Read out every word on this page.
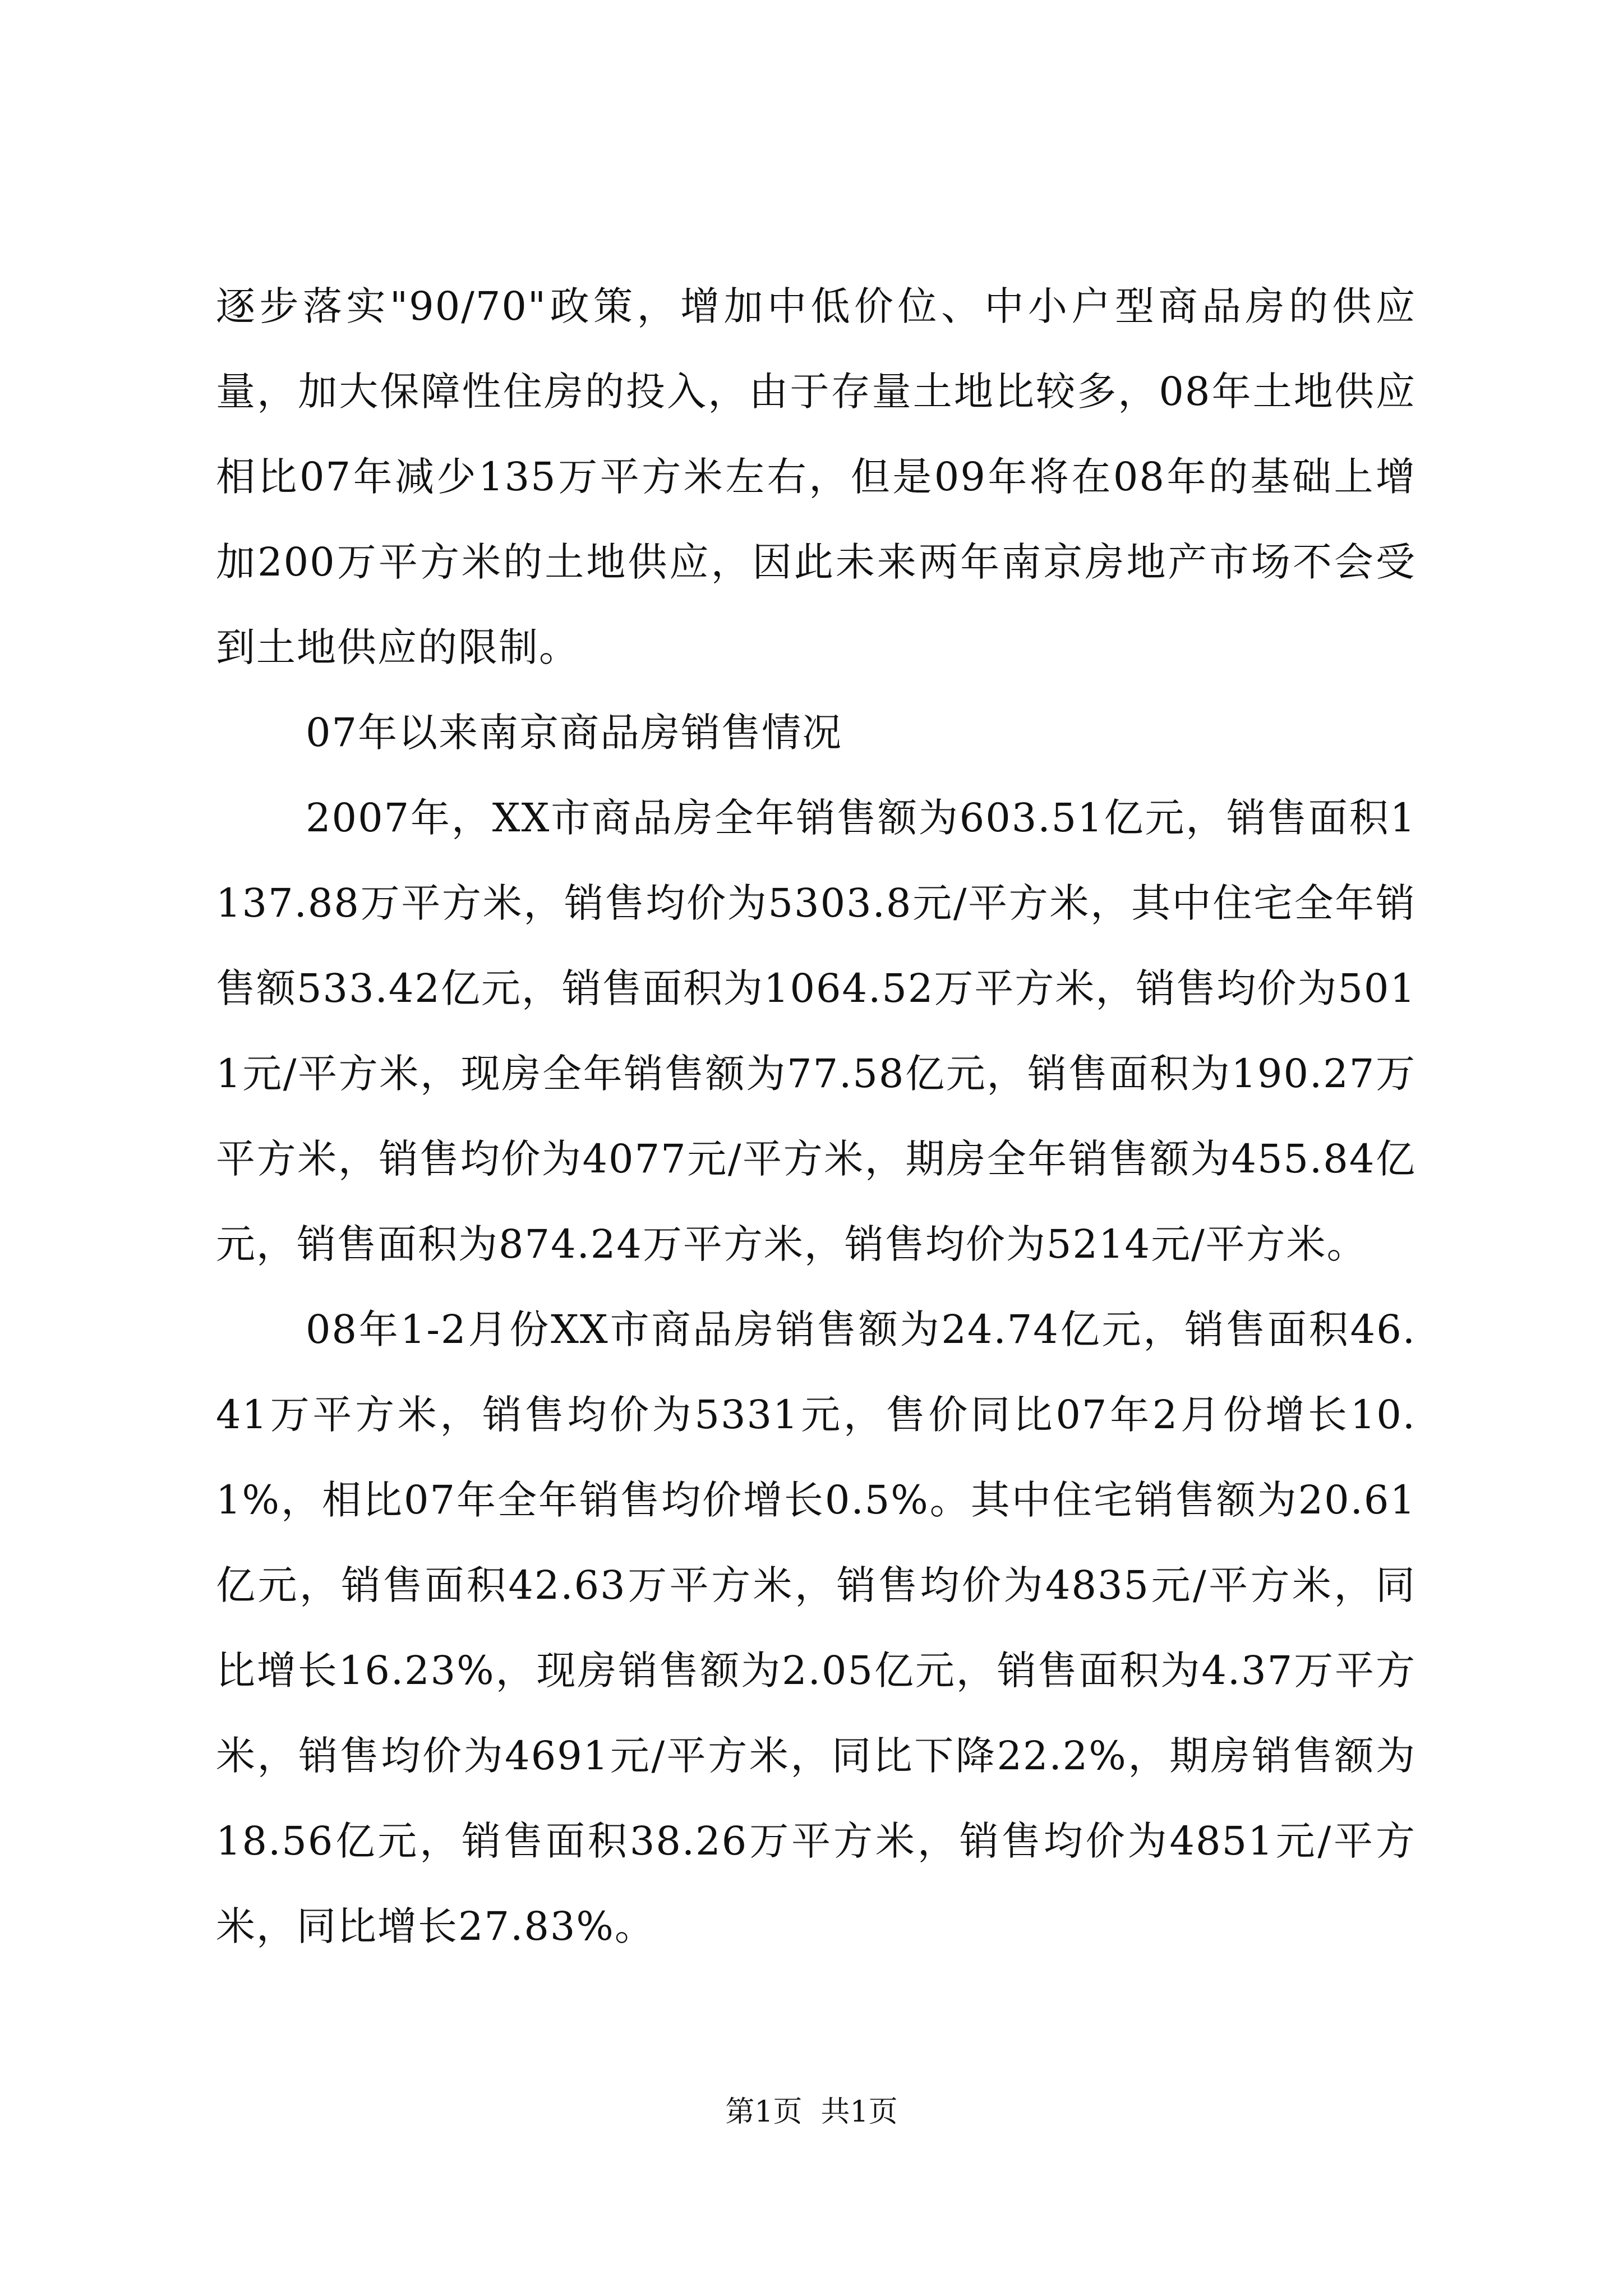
逐步落实"90/70"政策，增加中低价位、中小户型商品房的供应量，加大保障性住房的投入，由于存量土地比较多，08年土地供应相比07年减少135万平方米左右，但是09年将在08年的基础上增加200万平方米的土地供应，因此未来两年南京房地产市场不会受到土地供应的限制。

07年以来南京商品房销售情况

2007年，XX市商品房全年销售额为603.51亿元，销售面积1137.88万平方米，销售均价为5303.8元/平方米，其中住宅全年销售额533.42亿元，销售面积为1064.52万平方米，销售均价为5011元/平方米，现房全年销售额为77.58亿元，销售面积为190.27万平方米，销售均价为4077元/平方米，期房全年销售额为455.84亿元，销售面积为874.24万平方米，销售均价为5214元/平方米。

08年1-2月份XX市商品房销售额为24.74亿元，销售面积46.41万平方米，销售均价为5331元，售价同比07年2月份增长10.1%，相比07年全年销售均价增长0.5%。其中住宅销售额为20.61亿元，销售面积42.63万平方米，销售均价为4835元/平方米，同比增长16.23%，现房销售额为2.05亿元，销售面积为4.37万平方米，销售均价为4691元/平方米，同比下降22.2%，期房销售额为18.56亿元，销售面积38.26万平方米，销售均价为4851元/平方米，同比增长27.83%。

第1页  共1页
